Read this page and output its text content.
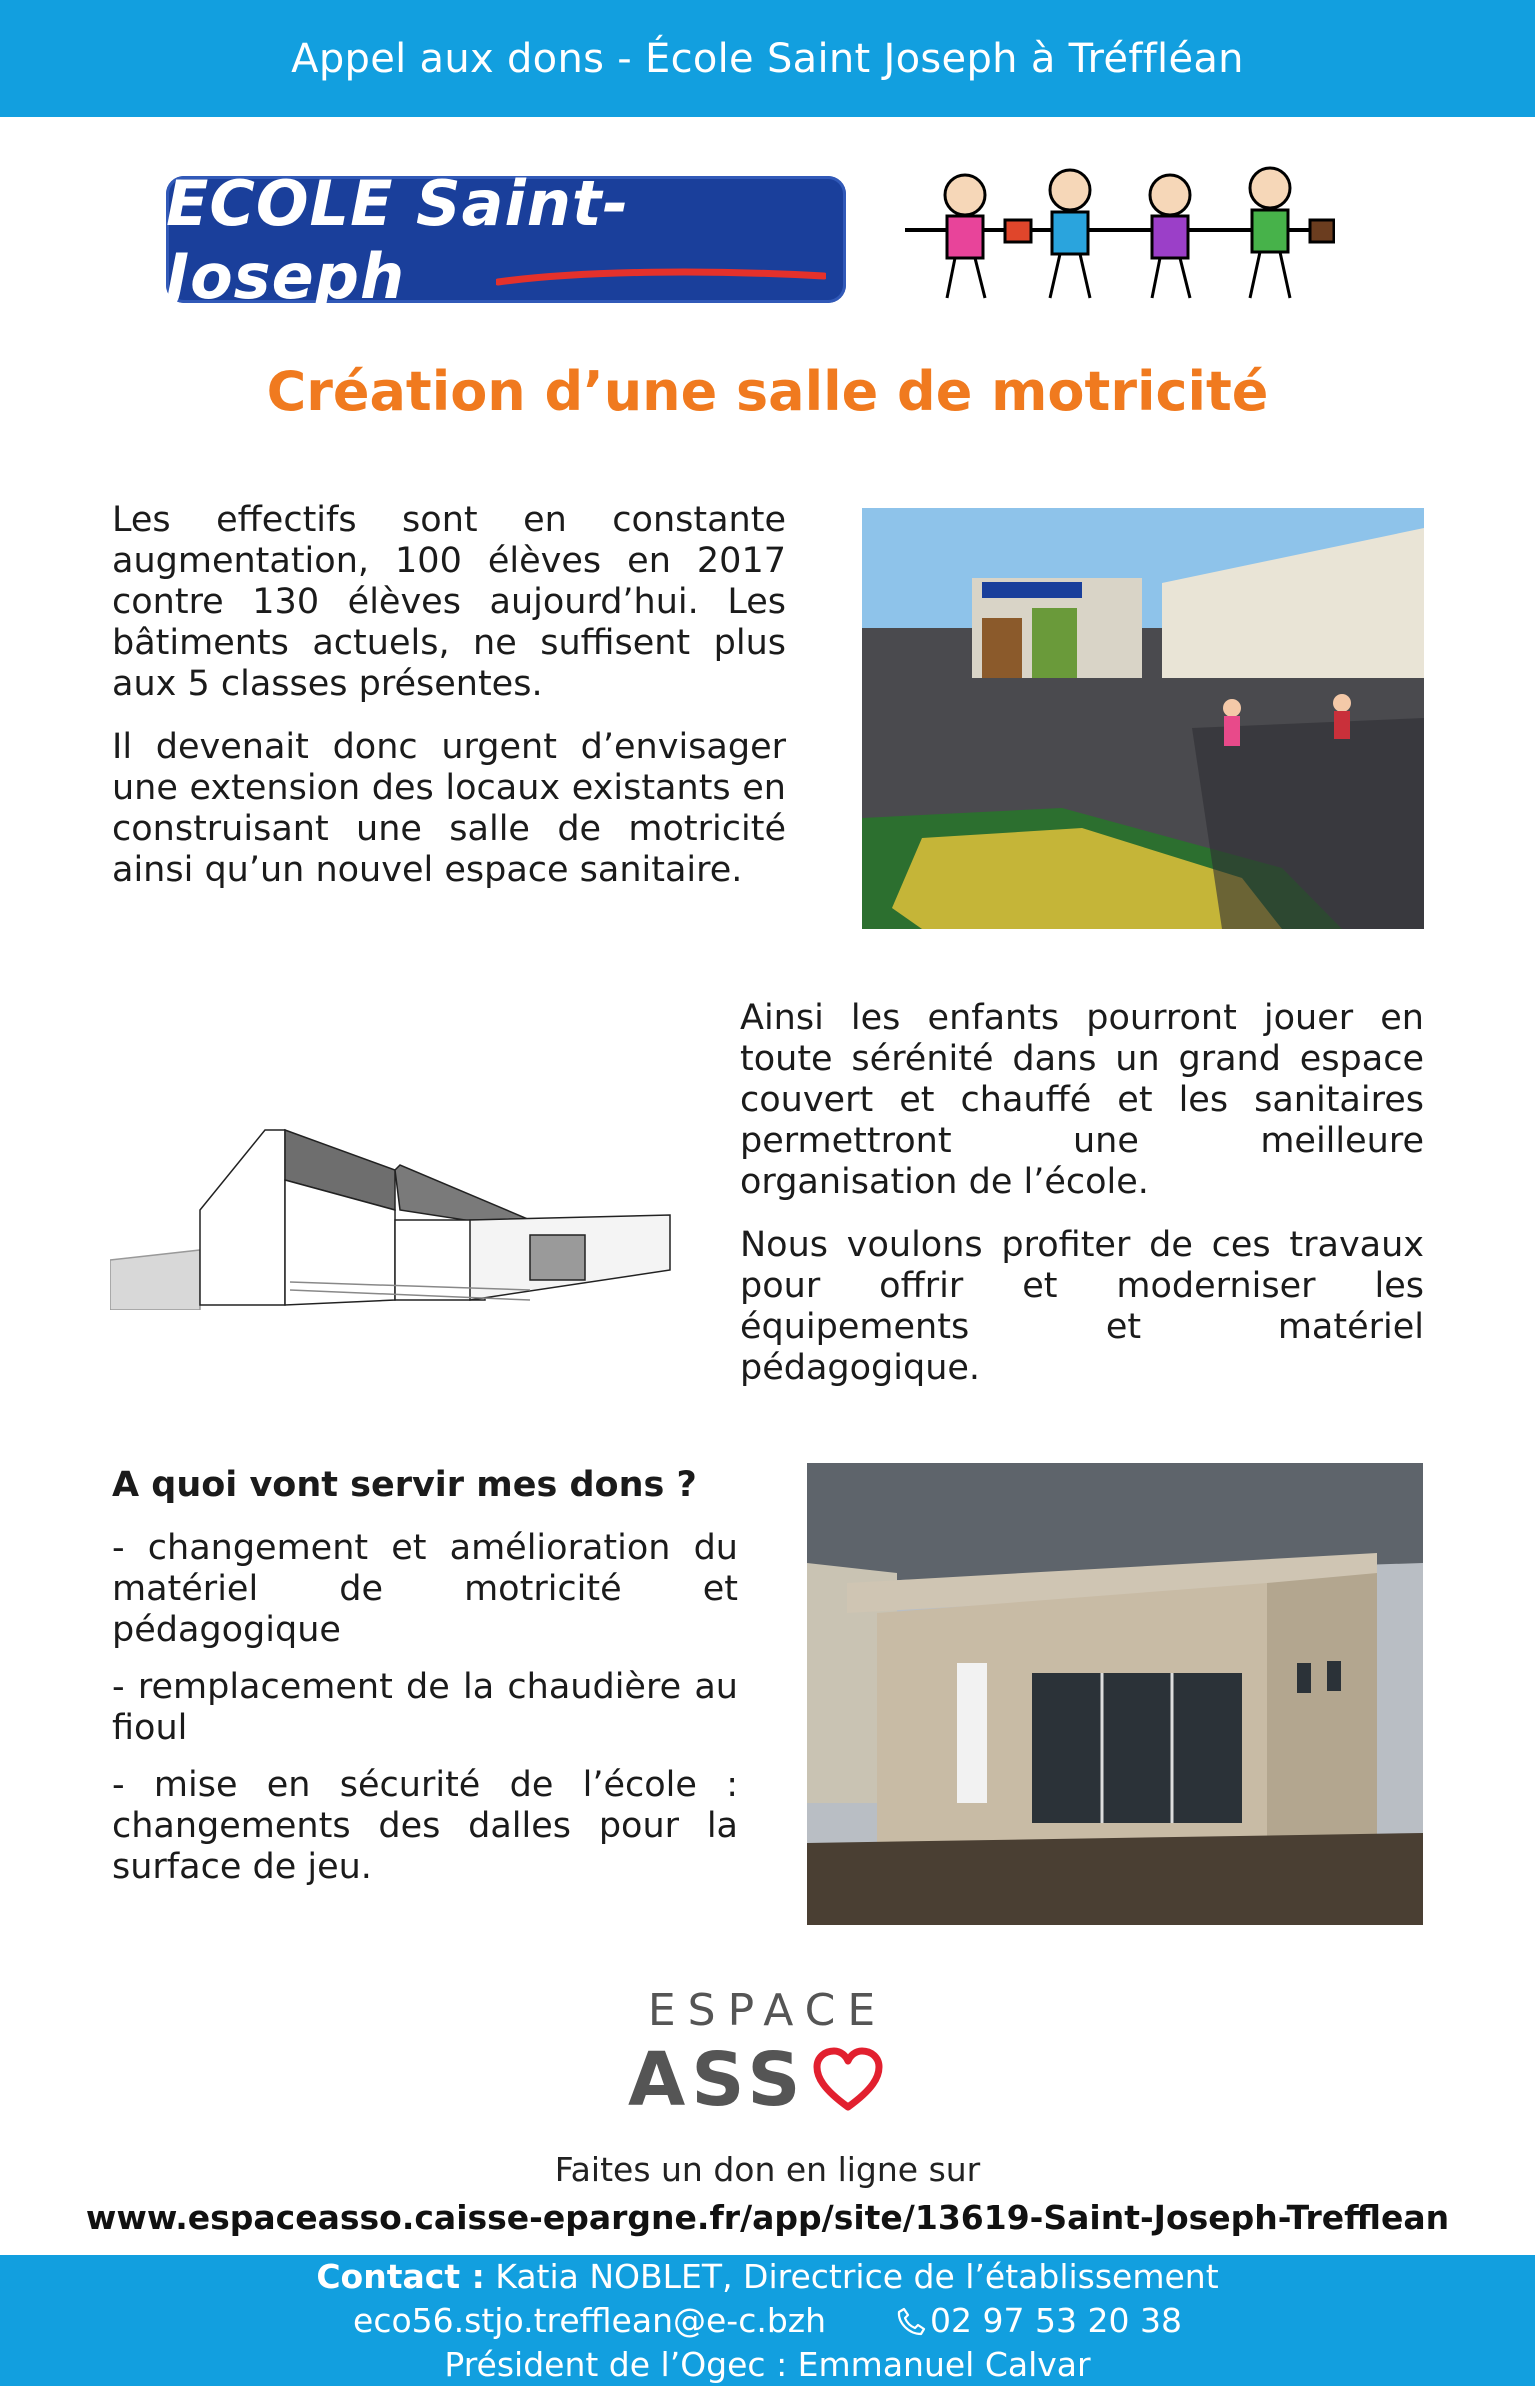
Appel aux dons - École Saint Joseph à Tréffléan
ECOLE Saint-Joseph
Création d’une salle de motricité

Les effectifs sont en constante augmentation, 100 élèves en 2017 contre 130 élèves aujourd’hui. Les bâtiments actuels, ne suffisent plus aux 5 classes présentes.

Il devenait donc urgent d’envisager une extension des locaux existants en construisant une salle de motricité ainsi qu’un nouvel espace sanitaire.

Ainsi les enfants pourront jouer en toute sérénité dans un grand espace couvert et chauffé et les sanitaires permettront une meilleure organisation de l’école.

Nous voulons profiter de ces travaux pour offrir et moderniser les équipements et matériel pédagogique.

A quoi vont servir mes dons ?

- changement et amélioration du matériel de motricité et pédagogique

- remplacement de la chaudière au fioul

- mise en sécurité de l’école : changements des dalles pour la surface de jeu.

ESPACE
ASS
Faites un don en ligne sur
www.espaceasso.caisse-epargne.fr/app/site/13619-Saint-Joseph-Trefflean
Contact : Katia NOBLET, Directrice de l’établissement
eco56.stjo.trefflean@e-c.bzh	02 97 53 20 38
Président de l’Ogec : Emmanuel Calvar
